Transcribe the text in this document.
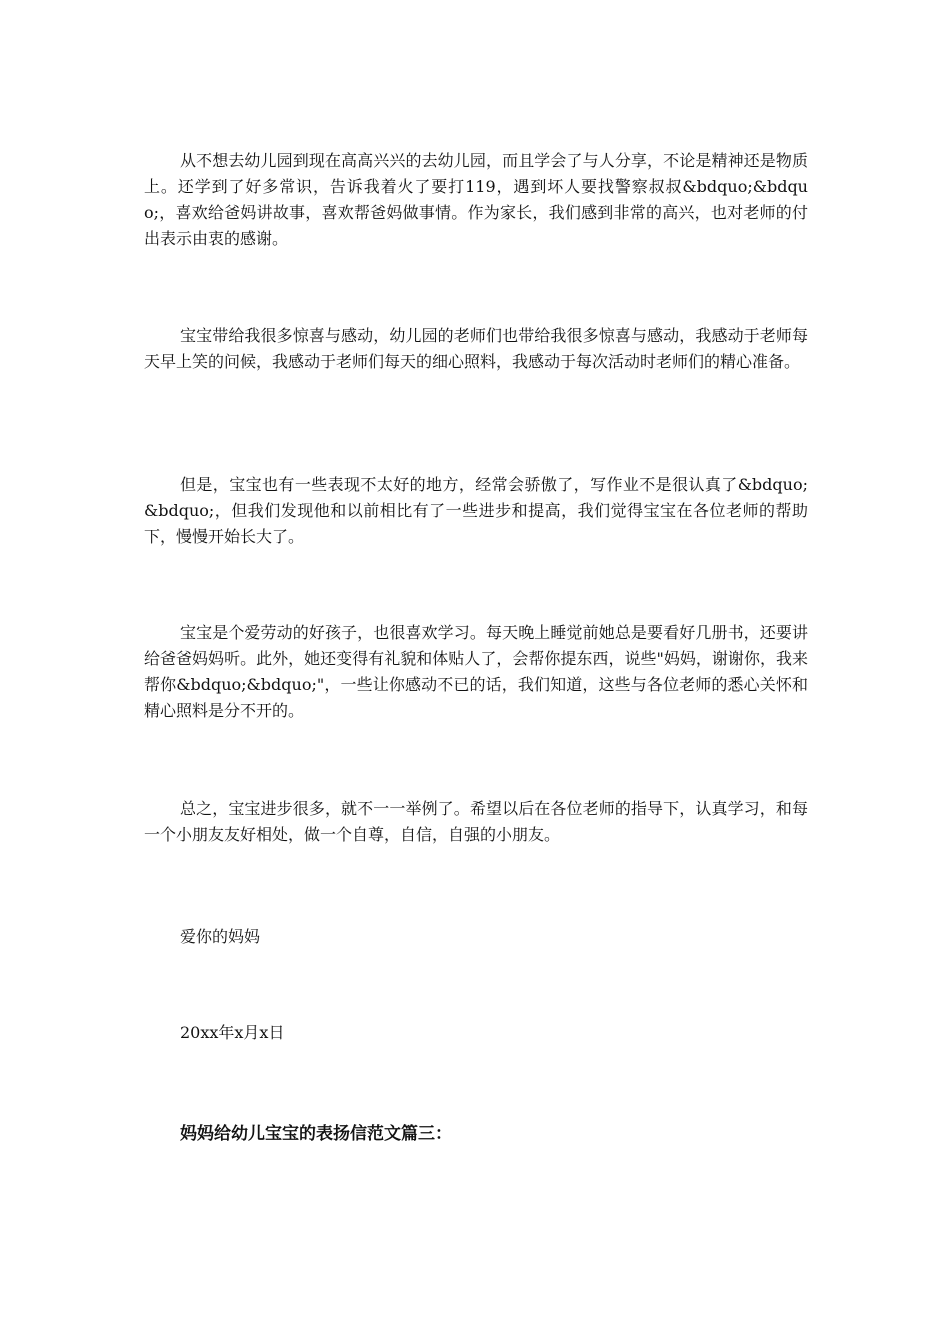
从不想去幼儿园到现在高高兴兴的去幼儿园，而且学会了与人分享，不论是精神还是物质上。还学到了好多常识，告诉我着火了要打119，遇到坏人要找警察叔叔&bdquo;&bdquo;，喜欢给爸妈讲故事，喜欢帮爸妈做事情。作为家长，我们感到非常的高兴，也对老师的付出表示由衷的感谢。

宝宝带给我很多惊喜与感动，幼儿园的老师们也带给我很多惊喜与感动，我感动于老师每天早上笑的问候，我感动于老师们每天的细心照料，我感动于每次活动时老师们的精心准备。

但是，宝宝也有一些表现不太好的地方，经常会骄傲了，写作业不是很认真了&bdquo;&bdquo;，但我们发现他和以前相比有了一些进步和提高，我们觉得宝宝在各位老师的帮助下，慢慢开始长大了。

宝宝是个爱劳动的好孩子，也很喜欢学习。每天晚上睡觉前她总是要看好几册书，还要讲给爸爸妈妈听。此外，她还变得有礼貌和体贴人了，会帮你提东西，说些"妈妈，谢谢你，我来帮你&bdquo;&bdquo;"，一些让你感动不已的话，我们知道，这些与各位老师的悉心关怀和精心照料是分不开的。

总之，宝宝进步很多，就不一一举例了。希望以后在各位老师的指导下，认真学习，和每一个小朋友友好相处，做一个自尊，自信，自强的小朋友。

爱你的妈妈

20xx年x月x日

妈妈给幼儿宝宝的表扬信范文篇三：
